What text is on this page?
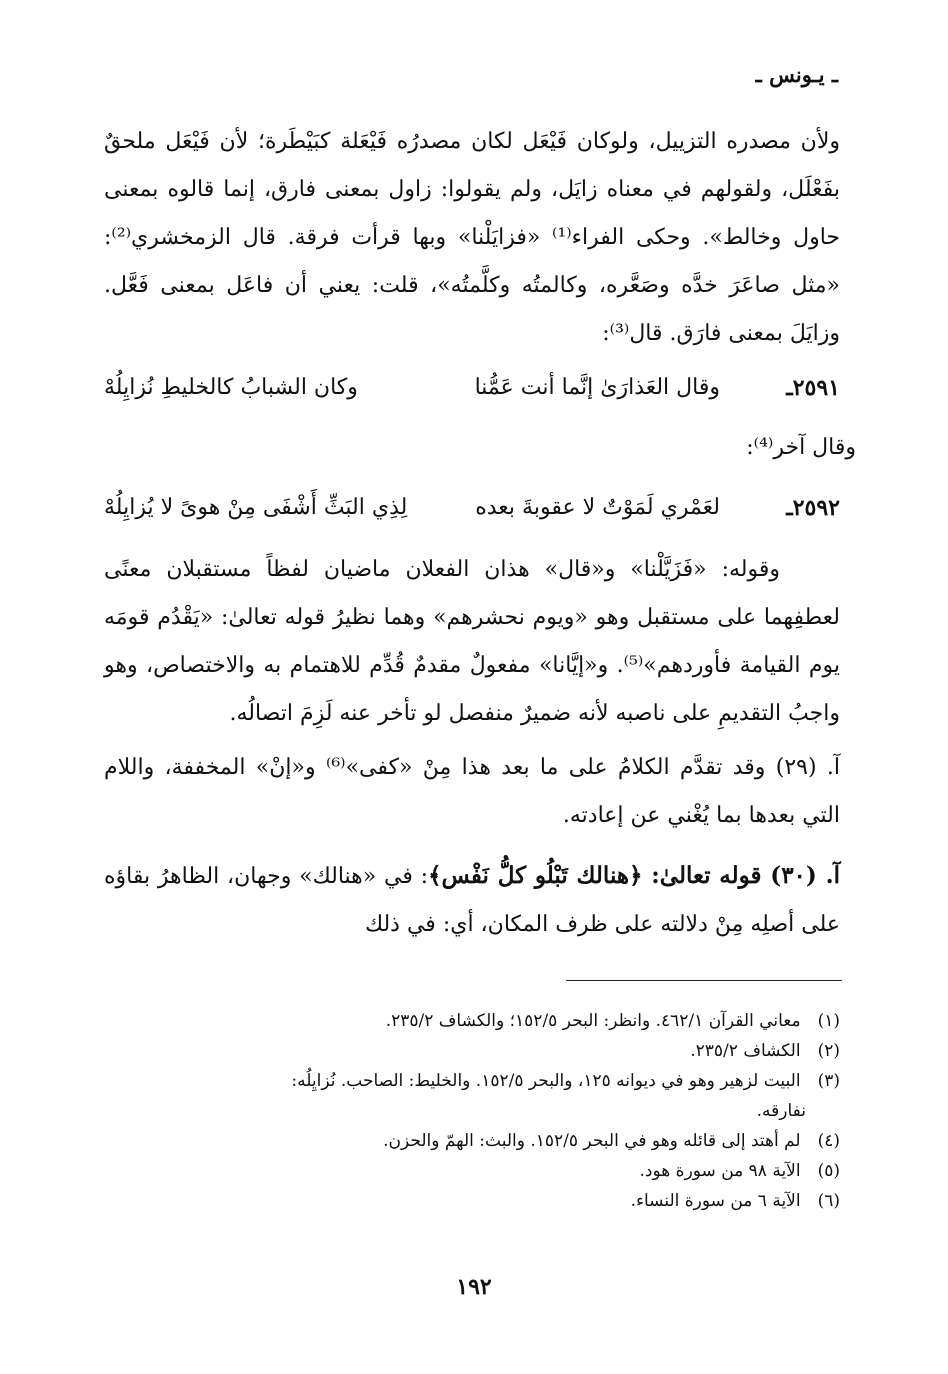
ـ يـونس ـ
ولأن مصدره التزييل، ولوكان فَيْعَل لكان مصدرُه فَيْعَلة كبَيْطَرة؛ لأن فَيْعَل ملحقٌ بفَعْلَل، ولقولهم في معناه زايَل، ولم يقولوا: زاول بمعنى فارق، إنما قالوه بمعنى حاول وخالط». وحكى الفراء⁽¹⁾ «فزايَلْنا» وبها قرأت فرقة. قال الزمخشري⁽²⁾: «مثل صاعَرَ خدَّه وصَعَّره، وكالمتُه وكلَّمتُه»، قلت: يعني أن فاعَل بمعنى فَعَّل. وزايَلَ بمعنى فارَق. قال⁽³⁾:
٢٥٩١ـ
وقال العَذارَىٰ إنَّما أنت عَمُّنا
وكان الشبابُ كالخليطِ نُزايِلُهْ
وقال آخر⁽⁴⁾:
٢٥٩٢ـ
لعَمْري لَمَوْتٌ لا عقوبةَ بعده
لِذِي البَثِّ أَشْفَى مِنْ هوىً لا يُزايِلُهْ
وقوله: «فَزَيَّلْنا» و«قال» هذان الفعلان ماضيان لفظاً مستقبلان معنًى لعطفِهما على مستقبل وهو «ويوم نحشرهم» وهما نظيرُ قوله تعالىٰ: «يَقْدُم قومَه يوم القيامة فأوردهم»⁽⁵⁾. و«إيَّانا» مفعولٌ مقدمٌ قُدِّم للاهتمام به والاختصاص، وهو واجبُ التقديمِ على ناصبه لأنه ضميرٌ منفصل لو تأخر عنه لَزِمَ اتصالُه.
آ. (٢٩) وقد تقدَّم الكلامُ على ما بعد هذا مِنْ «كفى»⁽⁶⁾ و«إنْ» المخففة، واللام التي بعدها بما يُغْني عن إعادته.
آ. (٣٠) قوله تعالىٰ: ﴿هنالك تَبْلُو كلُّ نَفْس﴾: في «هنالك» وجهان، الظاهرُ بقاؤه على أصلِه مِنْ دلالته على ظرف المكان، أي: في ذلك

(١) معاني القرآن ٤٦٢/١. وانظر: البحر ١٥٢/٥؛ والكشاف ٢٣٥/٢.

(٢) الكشاف ٢٣٥/٢.

(٣) البيت لزهير وهو في ديوانه ١٢٥، والبحر ١٥٢/٥. والخليط: الصاحب. نُزايِلُه:

نفارقه.

(٤) لم أهتد إلى قائله وهو في البحر ١٥٢/٥. والبث: الهمّ والحزن.

(٥) الآية ٩٨ من سورة هود.

(٦) الآية ٦ من سورة النساء.

١٩٢
